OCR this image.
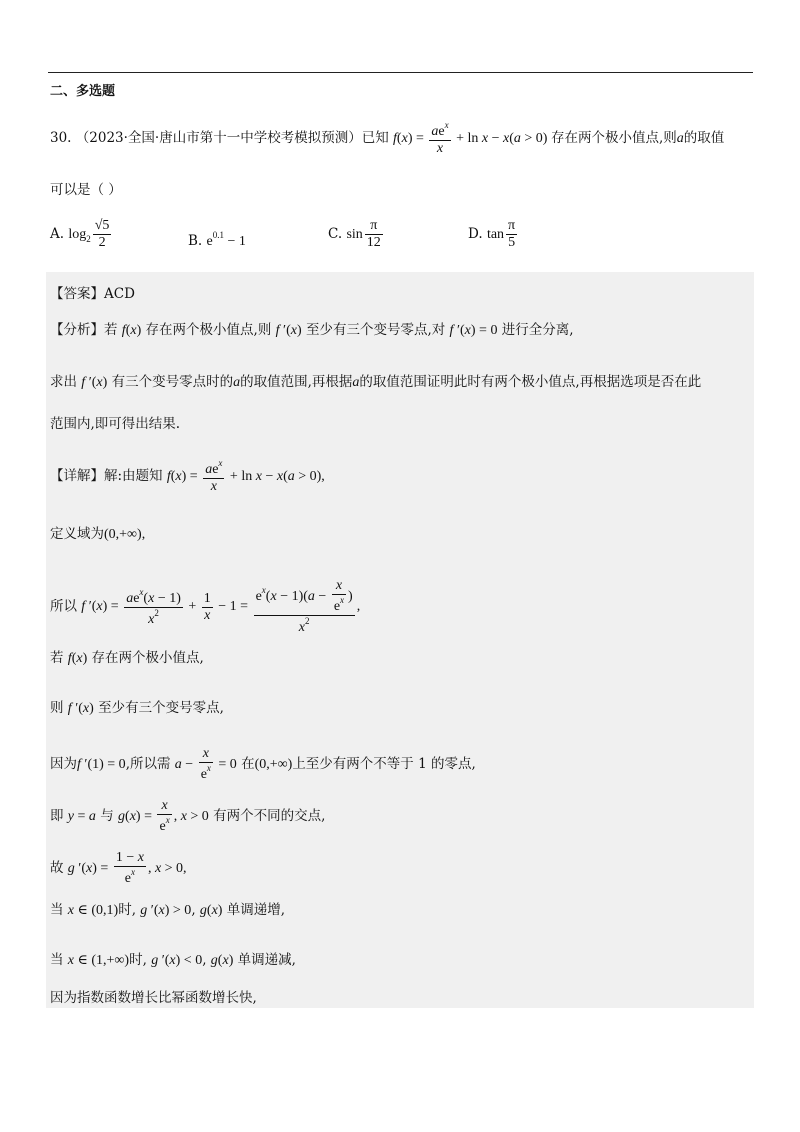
二、多选题
30. （2023·全国·唐山市第十一中学校考模拟预测）已知 $f(x) = \frac{ae^x}{x} + \ln x - x(a > 0)$ 存在两个极小值点,则a的取值
可以是（ ）
A. $\log_2 \frac{√5}{2}$	B. $e^{0.1} - 1$	C. $\sin \frac{\pi}{12}$	D. $\tan \frac{\pi}{5}$
【答案】ACD
【分析】若 f(x) 存在两个极小值点,则 f ′(x) 至少有三个变号零点,对 f ′(x) = 0 进行全分离,
求出 f ′(x) 有三个变号零点时的a的取值范围,再根据a的取值范围证明此时有两个极小值点,再根据选项是否在此
范围内,即可得出结果.
【详解】解:由题知 $f(x) = \frac{ae^x}{x} + \ln x - x(a > 0)$,
定义域为(0,+∞),
所以 f $'(x) = \frac{ae^x(x - 1)}{x^2} + \frac{1}{x} - 1 = \frac{e^x(x - 1)(a - \frac{x}{e^x} )}{x^2}$ ,
若 f(x) 存在两个极小值点,
则 f ′(x) 至少有三个变号零点,
因为f ′(1) = 0,所以需 $a - \frac{x}{e^x} = 0$ 在(0,+∞)上至少有两个不等于 1 的零点,
即 y = a 与 $g(x) = \frac{x}{e^x}$ , x > 0 有两个不同的交点,
故 g $'(x) = \frac{1 - x}{e^x}$ , x > 0,
当 x ∈ (0,1)时, g ′(x) > 0, g(x) 单调递增,
当 x ∈ (1,+∞)时, g ′(x) < 0, g(x) 单调递减,
因为指数函数增长比幂函数增长快,
